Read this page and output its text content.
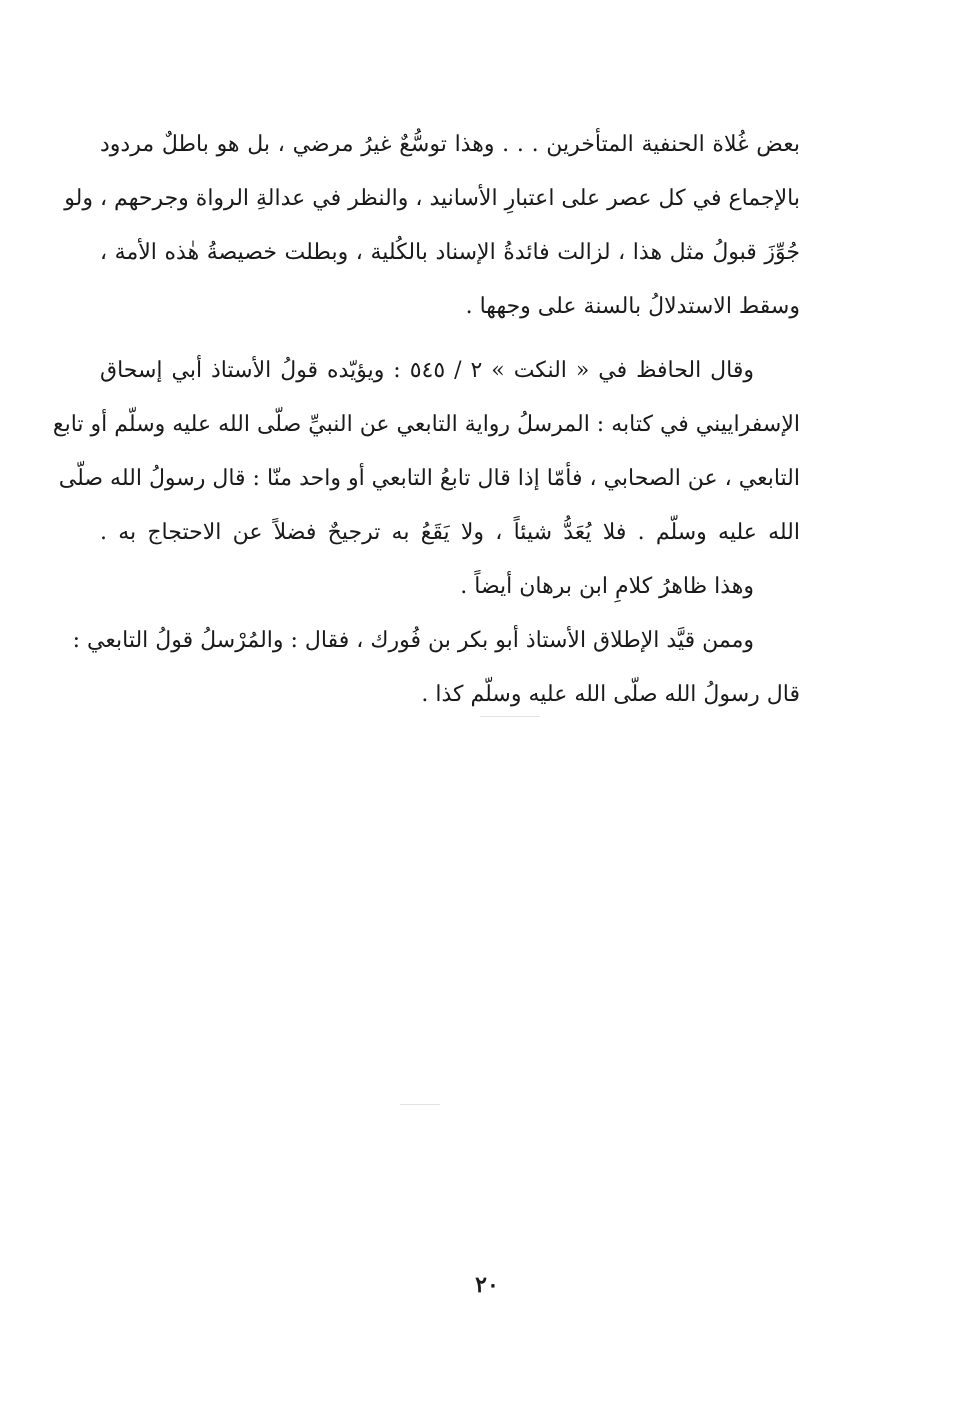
بعض غُلاة الحنفية المتأخرين . . . وهذا توسُّعٌ غيرُ مرضي ، بل هو باطلٌ مردود
بالإجماع في كل عصر على اعتبارِ الأسانيد ، والنظر في عدالةِ الرواة وجرحهم ، ولو
جُوِّزَ قبولُ مثل هذا ، لزالت فائدةُ الإسناد بالكُلية ، وبطلت خصيصةُ هٰذه الأمة ،
وسقط الاستدلالُ بالسنة على وجهها .
وقال الحافظ في « النكت » ٢ / ٥٤٥ : ويؤيّده قولُ الأستاذ أبي إسحاق
الإسفراييني في كتابه : المرسلُ رواية التابعي عن النبيِّ صلّى الله عليه وسلّم أو تابع
التابعي ، عن الصحابي ، فأمّا إذا قال تابعُ التابعي أو واحد منّا : قال رسولُ الله صلّى
الله عليه وسلّم . فلا يُعَدُّ شيئاً ، ولا يَقَعُ به ترجيحٌ فضلاً عن الاحتجاج به .
وهذا ظاهرُ كلامِ ابن برهان أيضاً .
وممن قيَّد الإطلاق الأستاذ أبو بكر بن فُورك ، فقال : والمُرْسلُ قولُ التابعي :
قال رسولُ الله صلّى الله عليه وسلّم كذا .
٢٠
